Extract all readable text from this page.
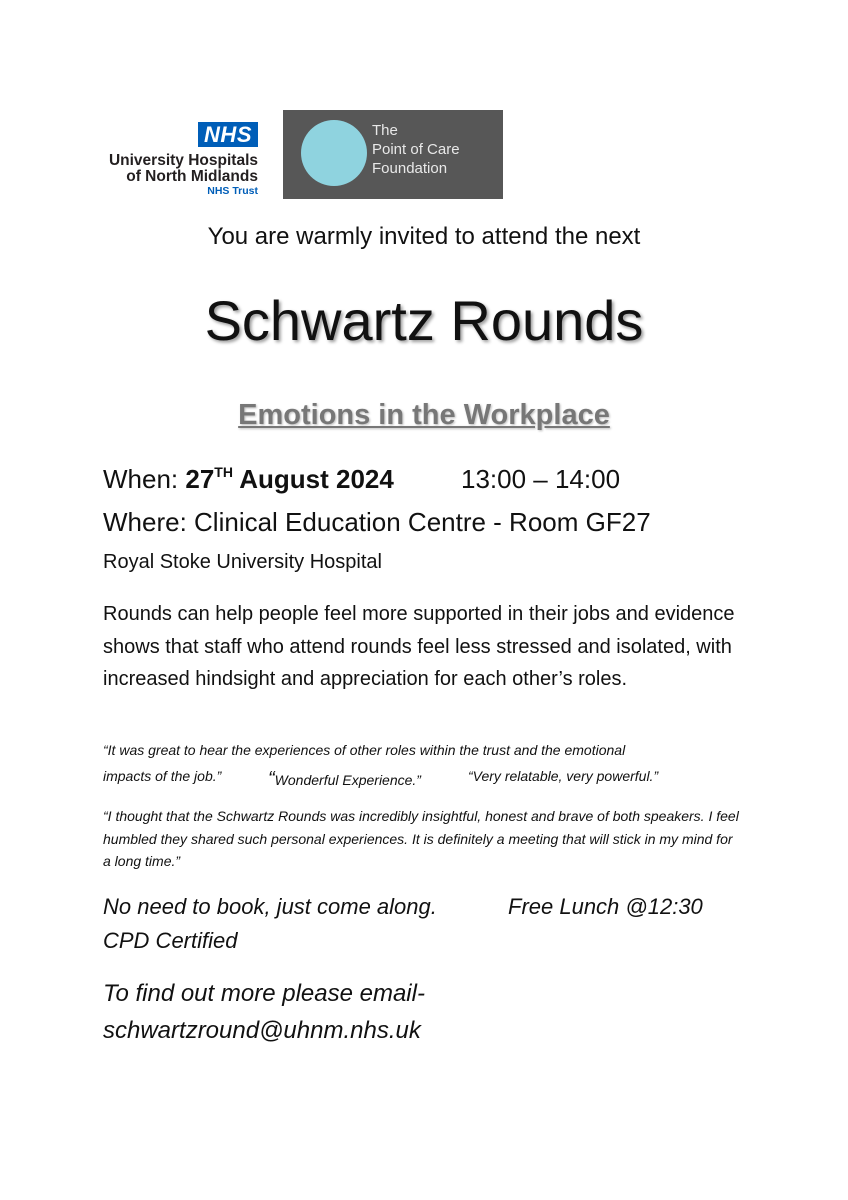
NHS
University Hospitals
of North Midlands
NHS Trust
The
Point of Care
Foundation
You are warmly invited to attend the next
Schwartz Rounds
Emotions in the Workplace
When: 27TH August 2024	13:00 – 14:00
Where: Clinical Education Centre - Room GF27
Royal Stoke University Hospital
Rounds can help people feel more supported in their jobs and evidence shows that staff who attend rounds feel less stressed and isolated, with increased hindsight and appreciation for each other’s roles.
“It was great to hear the experiences of other roles within the trust and the emotional
impacts of the job.” “Wonderful Experience.”	“Very relatable, very powerful.”
“I thought that the Schwartz Rounds was incredibly insightful, honest and brave of both speakers. I feel humbled they shared such personal experiences. It is definitely a meeting that will stick in my mind for a long time.”
No need to book, just come along.	Free Lunch @12:30
CPD Certified
To find out more please email-
schwartzround@uhnm.nhs.uk
